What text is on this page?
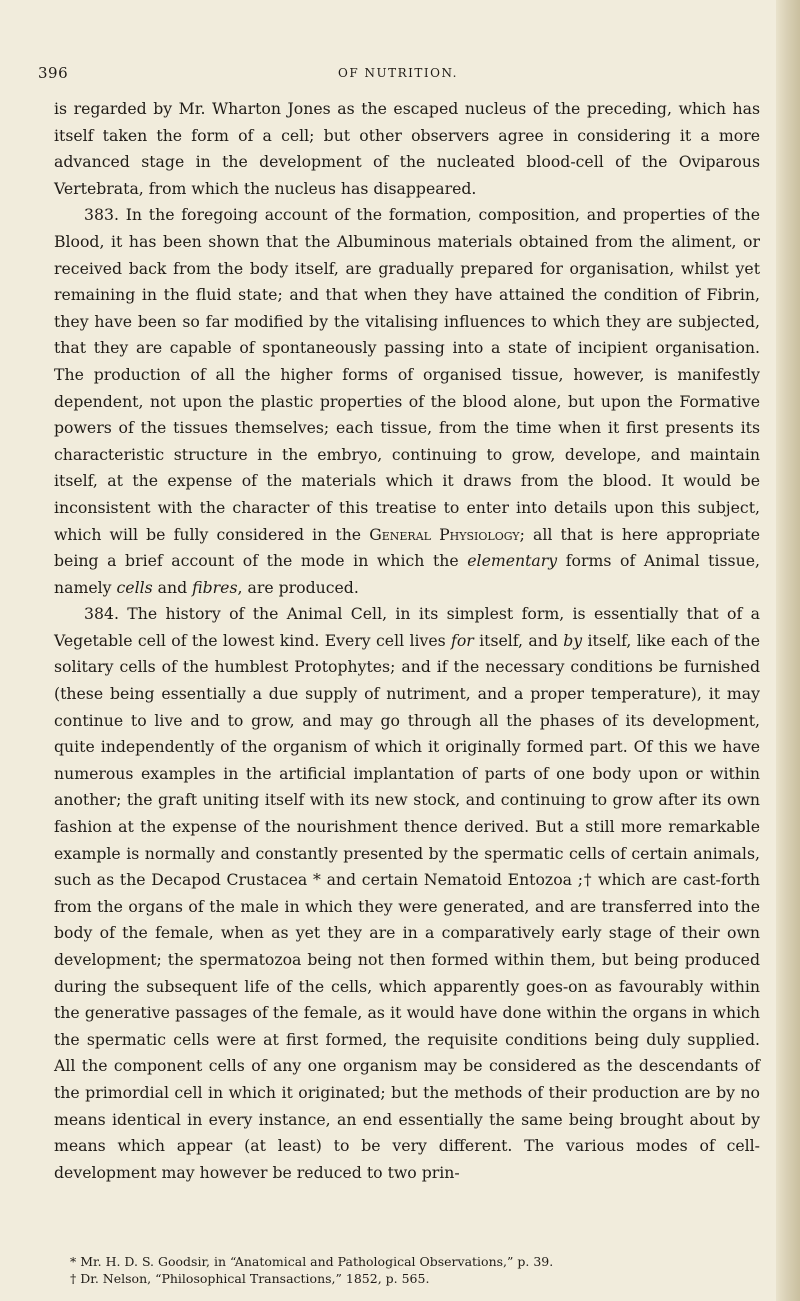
396	OF NUTRITION.

is regarded by Mr. Wharton Jones as the escaped nucleus of the preceding, which has itself taken the form of a cell; but other observers agree in considering it a more advanced stage in the development of the nucleated blood-cell of the Oviparous Vertebrata, from which the nucleus has disappeared.

383. In the foregoing account of the formation, composition, and properties of the Blood, it has been shown that the Albuminous materials obtained from the aliment, or received back from the body itself, are gradually prepared for organisation, whilst yet remaining in the fluid state; and that when they have attained the condition of Fibrin, they have been so far modified by the vitalising influences to which they are subjected, that they are capable of spontaneously passing into a state of incipient organisation. The production of all the higher forms of organised tissue, however, is manifestly dependent, not upon the plastic properties of the blood alone, but upon the Formative powers of the tissues themselves; each tissue, from the time when it first presents its characteristic structure in the embryo, continuing to grow, develope, and maintain itself, at the expense of the materials which it draws from the blood. It would be inconsistent with the character of this treatise to enter into details upon this subject, which will be fully considered in the General Physiology; all that is here appropriate being a brief account of the mode in which the elementary forms of Animal tissue, namely cells and fibres, are produced.

384. The history of the Animal Cell, in its simplest form, is essentially that of a Vegetable cell of the lowest kind. Every cell lives for itself, and by itself, like each of the solitary cells of the humblest Protophytes; and if the necessary conditions be furnished (these being essentially a due supply of nutriment, and a proper temperature), it may continue to live and to grow, and may go through all the phases of its development, quite independently of the organism of which it originally formed part. Of this we have numerous examples in the artificial implantation of parts of one body upon or within another; the graft uniting itself with its new stock, and continuing to grow after its own fashion at the expense of the nourishment thence derived. But a still more remarkable example is normally and constantly presented by the spermatic cells of certain animals, such as the Decapod Crustacea * and certain Nematoid Entozoa ;† which are cast-forth from the organs of the male in which they were generated, and are transferred into the body of the female, when as yet they are in a comparatively early stage of their own development; the spermatozoa being not then formed within them, but being produced during the subsequent life of the cells, which apparently goes-on as favourably within the generative passages of the female, as it would have done within the organs in which the spermatic cells were at first formed, the requisite conditions being duly supplied. All the component cells of any one organism may be considered as the descendants of the primordial cell in which it originated; but the methods of their production are by no means identical in every instance, an end essentially the same being brought about by means which appear (at least) to be very different. The various modes of cell-development may however be reduced to two prin-

* Mr. H. D. S. Goodsir, in “Anatomical and Pathological Observations,” p. 39.

† Dr. Nelson, “Philosophical Transactions,” 1852, p. 565.
